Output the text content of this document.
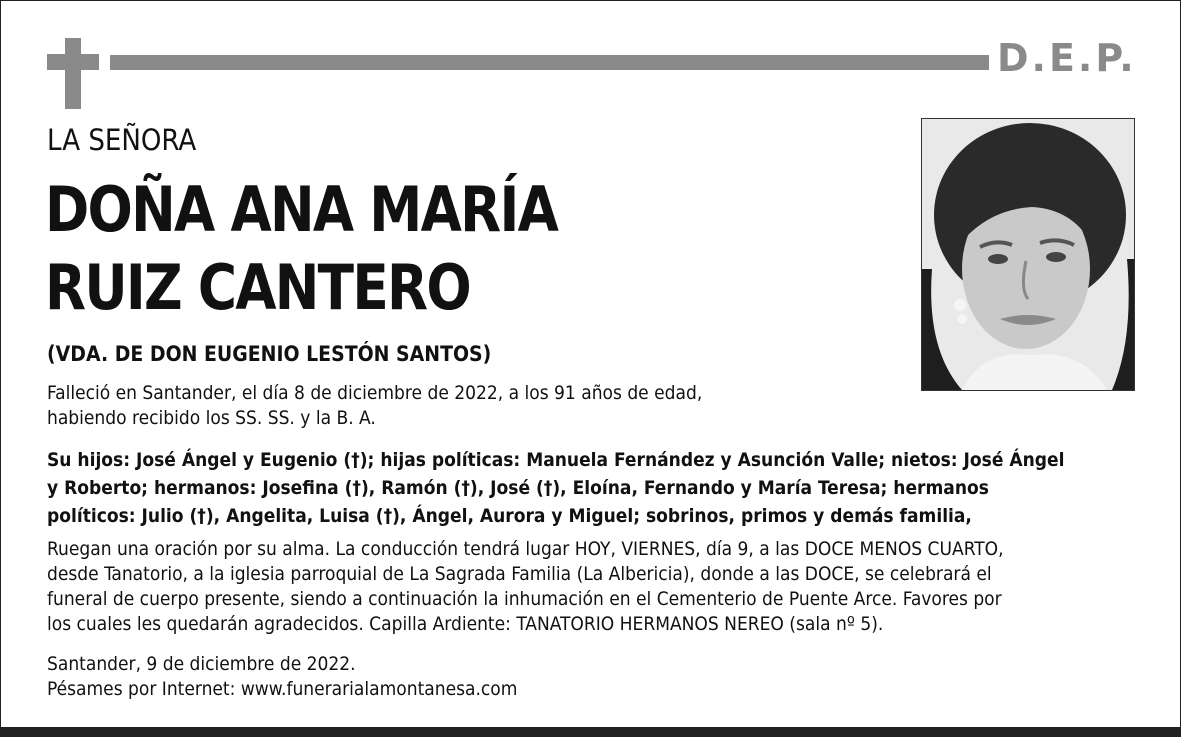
D.E.P.
LA SEÑORA
DOÑA ANA MARÍA
RUIZ CANTERO
(VDA. DE DON EUGENIO LESTÓN SANTOS)
Falleció en Santander, el día 8 de diciembre de 2022, a los 91 años de edad,
habiendo recibido los SS. SS. y la B. A.
Su hijos: José Ángel y Eugenio (†); hijas políticas: Manuela Fernández y Asunción Valle; nietos: José Ángel
y Roberto; hermanos: Josefina (†), Ramón (†), José (†), Eloína, Fernando y María Teresa; hermanos
políticos: Julio (†), Angelita, Luisa (†), Ángel, Aurora y Miguel; sobrinos, primos y demás familia,
Ruegan una oración por su alma. La conducción tendrá lugar HOY, VIERNES, día 9, a las DOCE MENOS CUARTO,
desde Tanatorio, a la iglesia parroquial de La Sagrada Familia (La Albericia), donde a las DOCE, se celebrará el
funeral de cuerpo presente, siendo a continuación la inhumación en el Cementerio de Puente Arce. Favores por
los cuales les quedarán agradecidos. Capilla Ardiente: TANATORIO HERMANOS NEREO (sala nº 5).
Santander, 9 de diciembre de 2022.
Pésames por Internet: www.funerarialamontanesa.com
